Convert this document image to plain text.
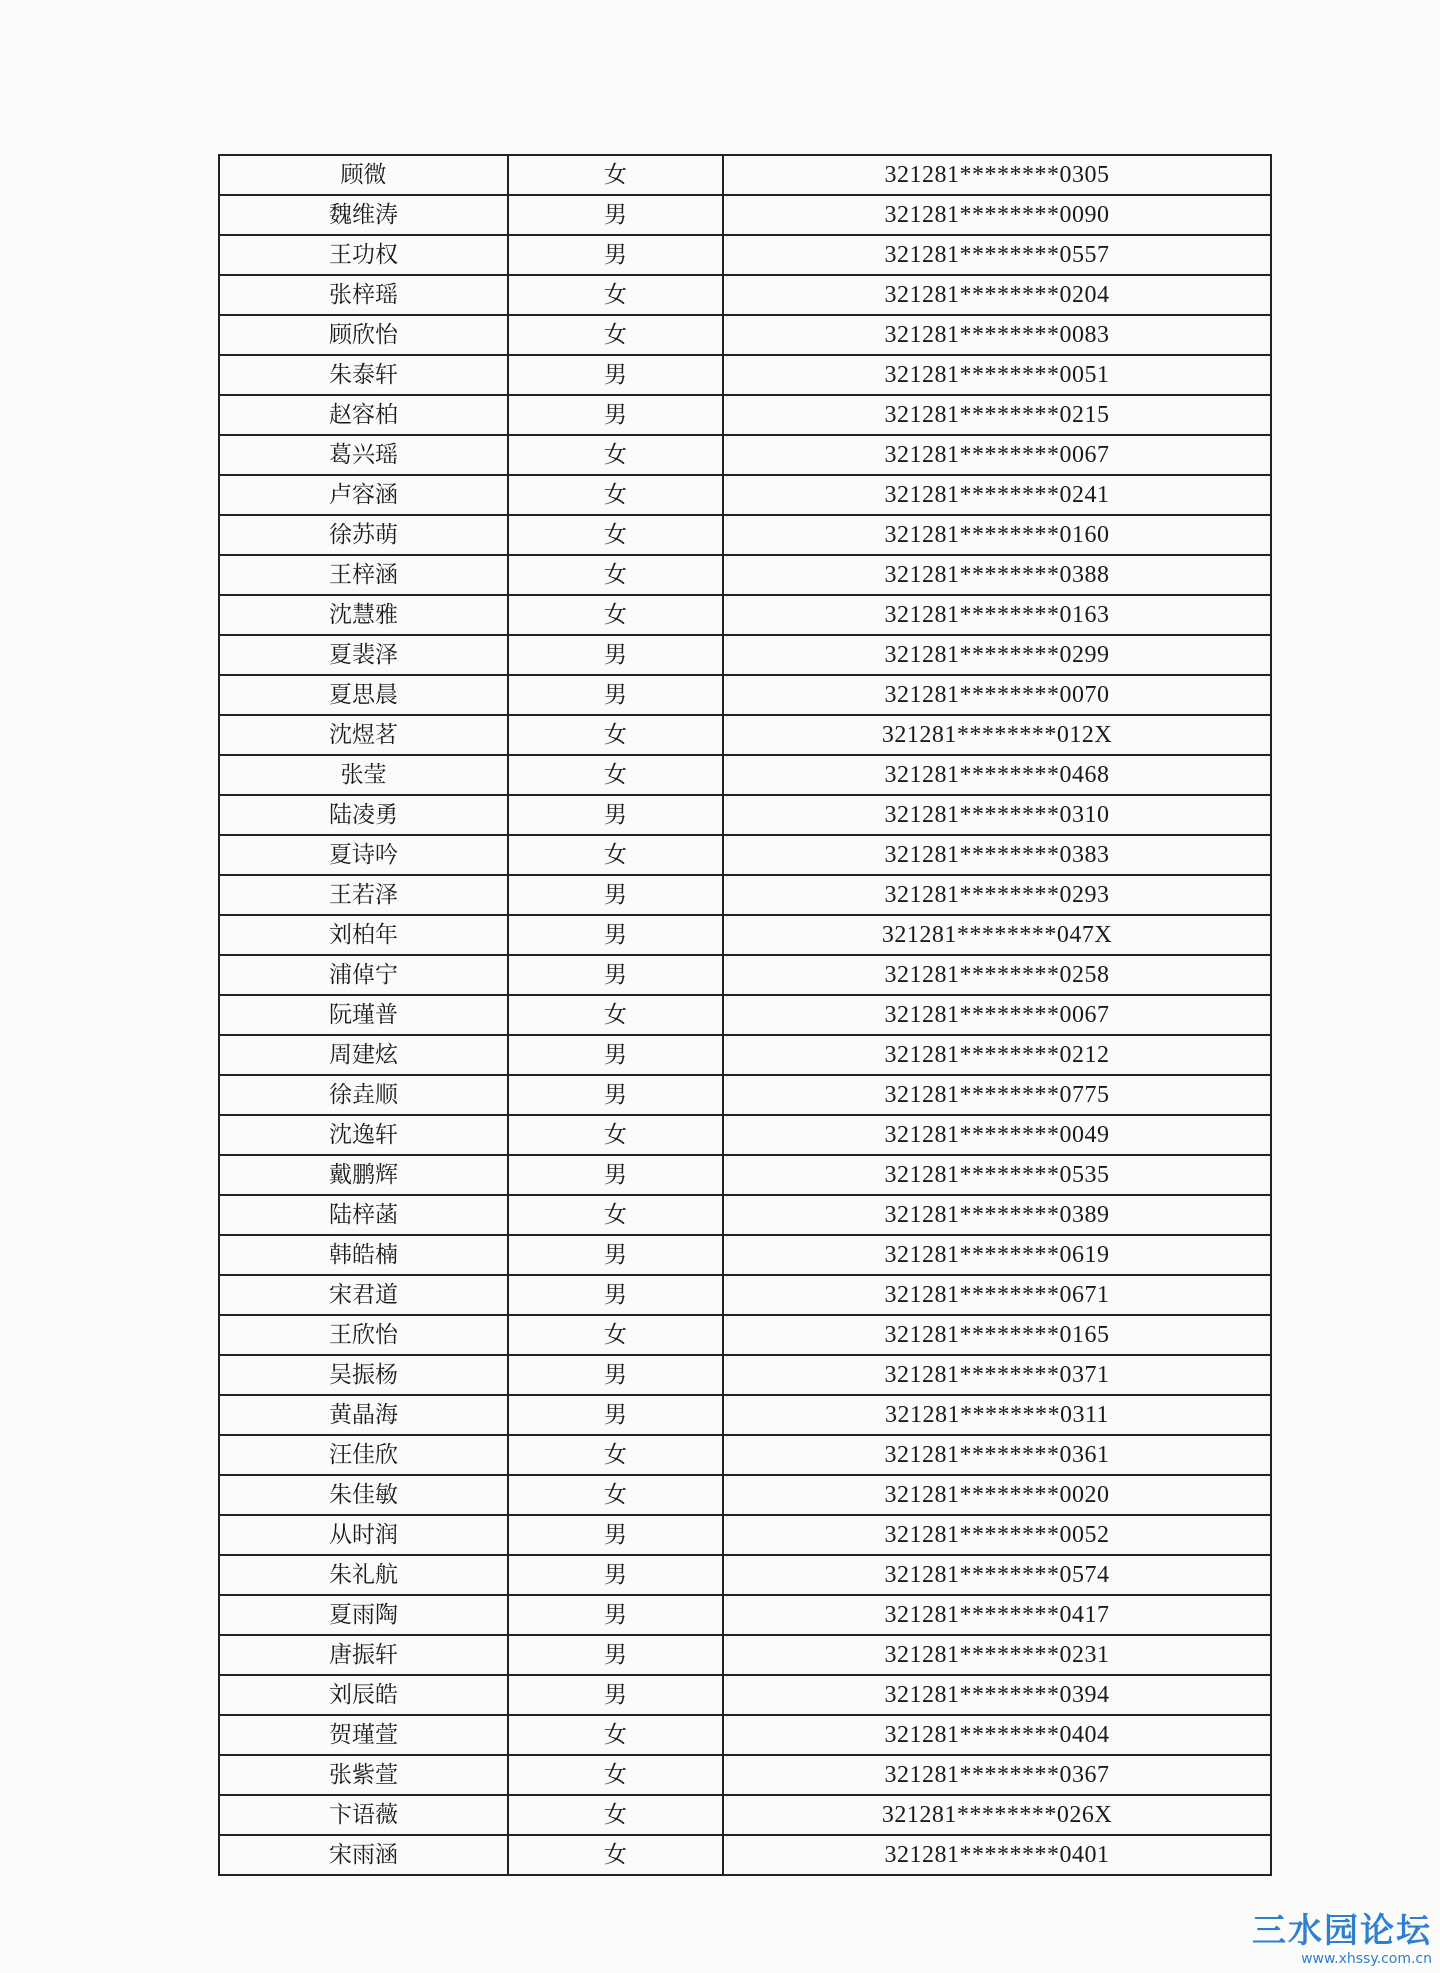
顾微	女	321281********0305
魏维涛	男	321281********0090
王功权	男	321281********0557
张梓瑶	女	321281********0204
顾欣怡	女	321281********0083
朱泰轩	男	321281********0051
赵容柏	男	321281********0215
葛兴瑶	女	321281********0067
卢容涵	女	321281********0241
徐苏萌	女	321281********0160
王梓涵	女	321281********0388
沈慧雅	女	321281********0163
夏裴泽	男	321281********0299
夏思晨	男	321281********0070
沈煜茗	女	321281********012X
张莹	女	321281********0468
陆凌勇	男	321281********0310
夏诗吟	女	321281********0383
王若泽	男	321281********0293
刘柏年	男	321281********047X
浦倬宁	男	321281********0258
阮瑾普	女	321281********0067
周建炫	男	321281********0212
徐垚顺	男	321281********0775
沈逸轩	女	321281********0049
戴鹏辉	男	321281********0535
陆梓菡	女	321281********0389
韩皓楠	男	321281********0619
宋君道	男	321281********0671
王欣怡	女	321281********0165
吴振杨	男	321281********0371
黄晶海	男	321281********0311
汪佳欣	女	321281********0361
朱佳敏	女	321281********0020
从时润	男	321281********0052
朱礼航	男	321281********0574
夏雨陶	男	321281********0417
唐振轩	男	321281********0231
刘辰皓	男	321281********0394
贺瑾萱	女	321281********0404
张紫萱	女	321281********0367
卞语薇	女	321281********026X
宋雨涵	女	321281********0401
三水园论坛
www.xhssy.com.cn
